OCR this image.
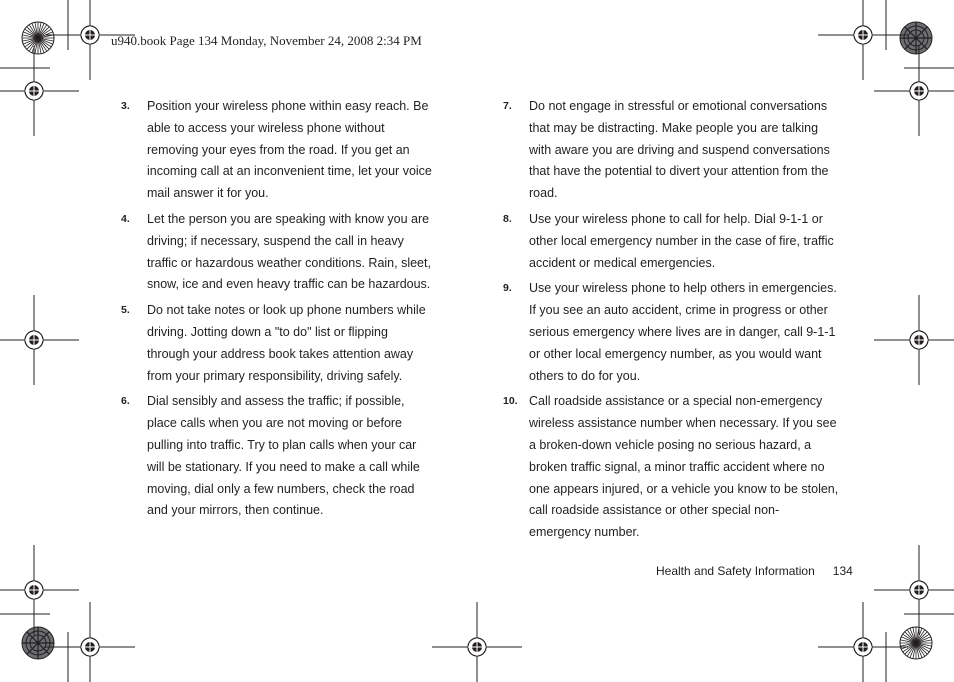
u940.book Page 134 Monday, November 24, 2008 2:34 PM
3. Position your wireless phone within easy reach. Be able to access your wireless phone without removing your eyes from the road. If you get an incoming call at an inconvenient time, let your voice mail answer it for you.
4. Let the person you are speaking with know you are driving; if necessary, suspend the call in heavy traffic or hazardous weather conditions. Rain, sleet, snow, ice and even heavy traffic can be hazardous.
5. Do not take notes or look up phone numbers while driving. Jotting down a "to do" list or flipping through your address book takes attention away from your primary responsibility, driving safely.
6. Dial sensibly and assess the traffic; if possible, place calls when you are not moving or before pulling into traffic. Try to plan calls when your car will be stationary. If you need to make a call while moving, dial only a few numbers, check the road and your mirrors, then continue.
7. Do not engage in stressful or emotional conversations that may be distracting. Make people you are talking with aware you are driving and suspend conversations that have the potential to divert your attention from the road.
8. Use your wireless phone to call for help. Dial 9-1-1 or other local emergency number in the case of fire, traffic accident or medical emergencies.
9. Use your wireless phone to help others in emergencies. If you see an auto accident, crime in progress or other serious emergency where lives are in danger, call 9-1-1 or other local emergency number, as you would want others to do for you.
10. Call roadside assistance or a special non-emergency wireless assistance number when necessary. If you see a broken-down vehicle posing no serious hazard, a broken traffic signal, a minor traffic accident where no one appears injured, or a vehicle you know to be stolen, call roadside assistance or other special non-emergency number.
Health and Safety Information 134
